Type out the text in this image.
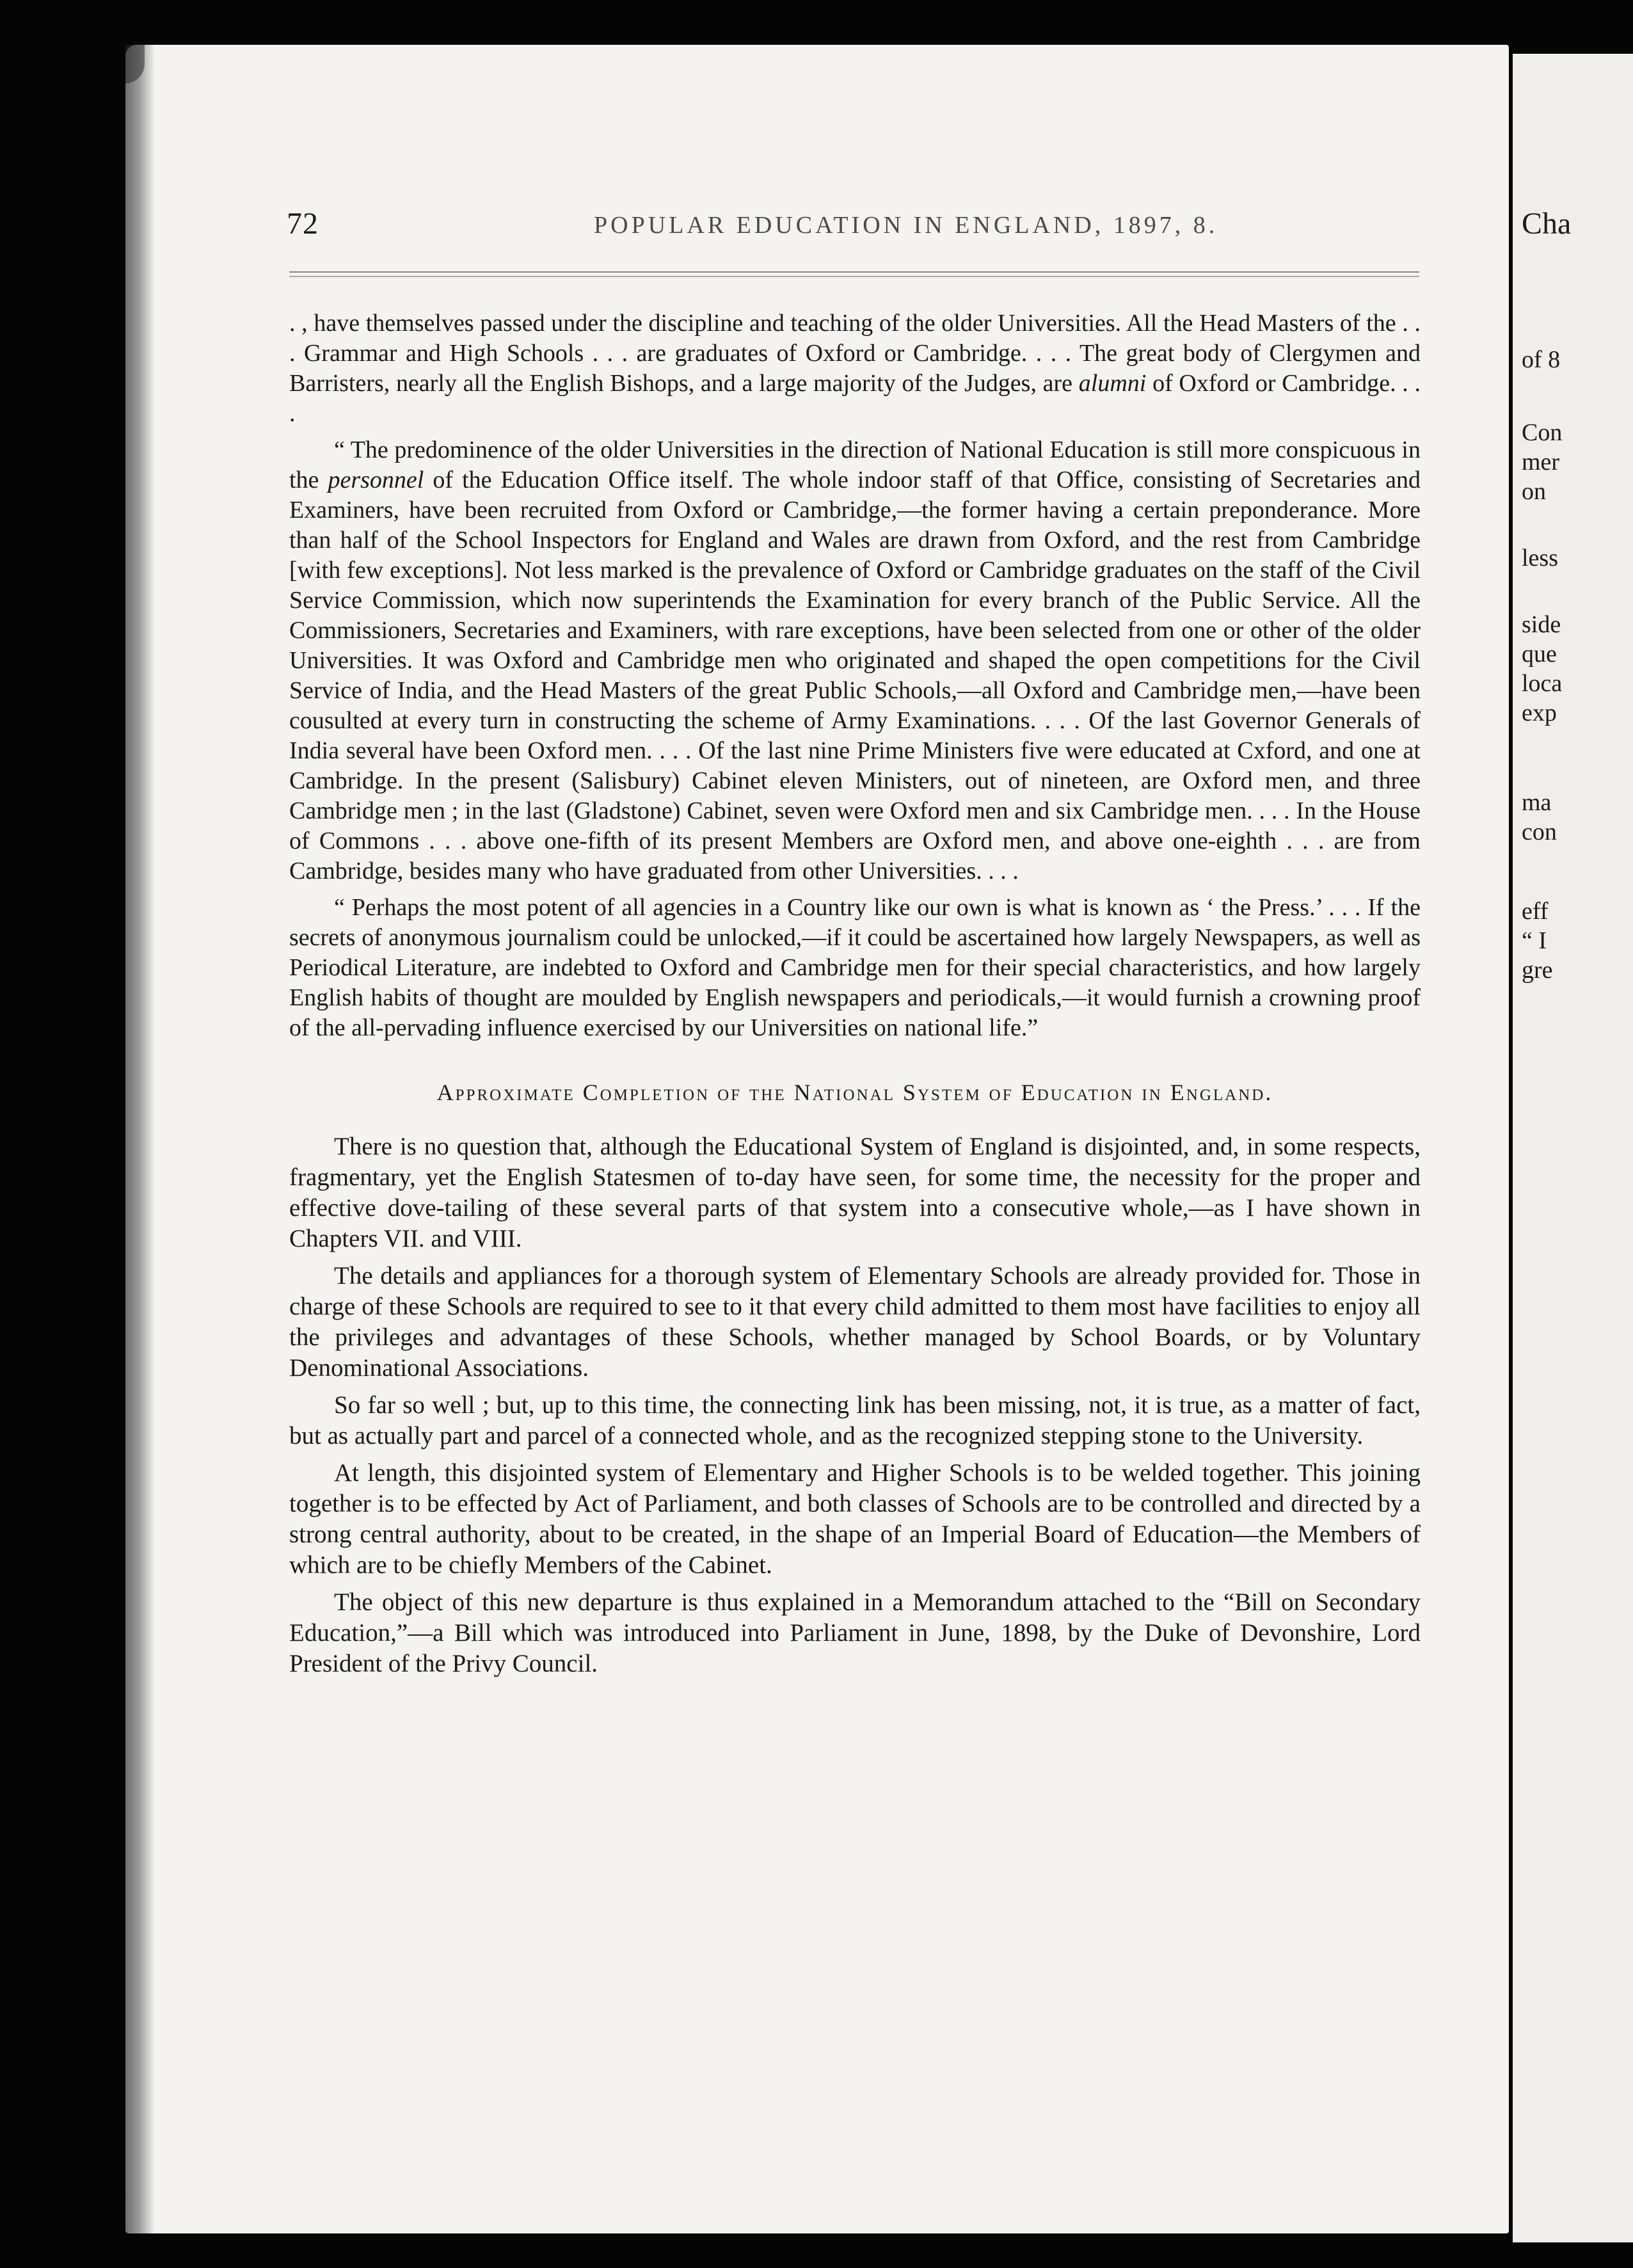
Cha
of 8
Con
mer
on
less
side
que
loca
exp
ma
con
eff
“ I
gre
72	POPULAR EDUCATION IN ENGLAND, 1897, 8.

. , have themselves passed under the discipline and teaching of the older Universities. All the Head Masters of the . . . Grammar and High Schools . . . are graduates of Oxford or Cambridge. . . . The great body of Clergymen and Barristers, nearly all the English Bishops, and a large majority of the Judges, are alumni of Oxford or Cambridge. . . .

“ The predominence of the older Universities in the direction of National Education is still more conspicuous in the personnel of the Education Office itself. The whole indoor staff of that Office, consisting of Secretaries and Examiners, have been recruited from Oxford or Cambridge,—the former having a certain preponderance. More than half of the School Inspectors for England and Wales are drawn from Oxford, and the rest from Cambridge [with few exceptions]. Not less marked is the prevalence of Oxford or Cambridge graduates on the staff of the Civil Service Commission, which now superintends the Examination for every branch of the Public Service. All the Commissioners, Secretaries and Examiners, with rare exceptions, have been selected from one or other of the older Universities. It was Oxford and Cambridge men who originated and shaped the open competitions for the Civil Service of India, and the Head Masters of the great Public Schools,—all Oxford and Cambridge men,—have been cousulted at every turn in constructing the scheme of Army Examinations. . . . Of the last Governor Generals of India several have been Oxford men. . . . Of the last nine Prime Ministers five were educated at Cxford, and one at Cambridge. In the present (Salisbury) Cabinet eleven Ministers, out of nineteen, are Oxford men, and three Cambridge men ; in the last (Gladstone) Cabinet, seven were Oxford men and six Cambridge men. . . . In the House of Commons . . . above one-fifth of its present Members are Oxford men, and above one-eighth . . . are from Cambridge, besides many who have graduated from other Universities. . . .

“ Perhaps the most potent of all agencies in a Country like our own is what is known as ‘ the Press.’ . . . If the secrets of anonymous journalism could be unlocked,—if it could be ascertained how largely Newspapers, as well as Periodical Literature, are indebted to Oxford and Cambridge men for their special characteristics, and how largely English habits of thought are moulded by English newspapers and periodicals,—it would furnish a crowning proof of the all-pervading influence exercised by our Universities on national life.”

Approximate Completion of the National System of Education in England.

There is no question that, although the Educational System of England is disjointed, and, in some respects, fragmentary, yet the English Statesmen of to-day have seen, for some time, the necessity for the proper and effective dove-tailing of these several parts of that system into a consecutive whole,—as I have shown in Chapters VII. and VIII.

The details and appliances for a thorough system of Elementary Schools are already provided for. Those in charge of these Schools are required to see to it that every child admitted to them most have facilities to enjoy all the privileges and advantages of these Schools, whether managed by School Boards, or by Voluntary Denominational Associations.

So far so well ; but, up to this time, the connecting link has been missing, not, it is true, as a matter of fact, but as actually part and parcel of a connected whole, and as the recognized stepping stone to the University.

At length, this disjointed system of Elementary and Higher Schools is to be welded together. This joining together is to be effected by Act of Parliament, and both classes of Schools are to be controlled and directed by a strong central authority, about to be created, in the shape of an Imperial Board of Education—the Members of which are to be chiefly Members of the Cabinet.

The object of this new departure is thus explained in a Memorandum attached to the “Bill on Secondary Education,”—a Bill which was introduced into Parliament in June, 1898, by the Duke of Devonshire, Lord President of the Privy Council.
